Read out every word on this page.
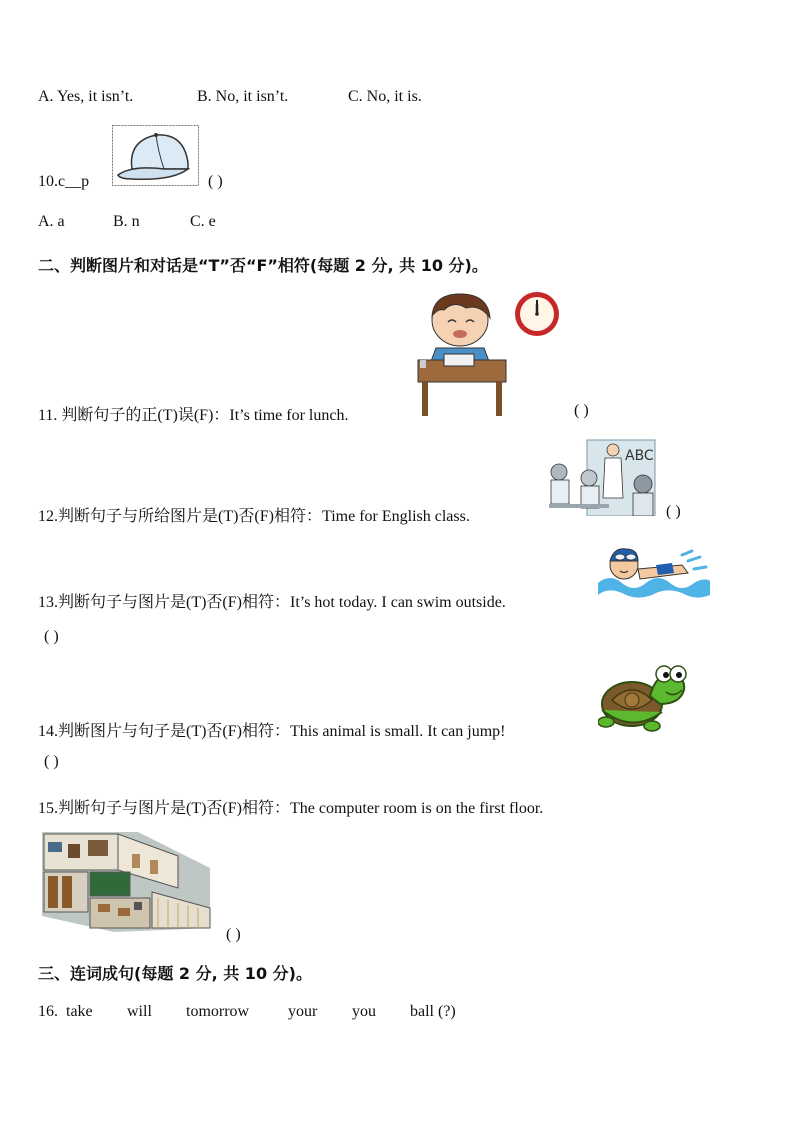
A. Yes, it isn’t.	B. No, it isn’t.	C. No, it is.
10.c__p	( )
A. a	B. n	C. e
二、判断图片和对话是“T”否“F”相符(每题 2 分, 共 10 分)。
11. 判断句子的正(T)误(F)：It’s time for lunch.	( )
ABC
12.判断句子与所给图片是(T)否(F)相符：Time for English class.	( )
13.判断句子与图片是(T)否(F)相符：It’s hot today. I can swim outside.
( )
14.判断图片与句子是(T)否(F)相符：This animal is small. It can jump!
( )
15.判断句子与图片是(T)否(F)相符：The computer room is on the first floor.
( )
三、连词成句(每题 2 分, 共 10 分)。
16. take will tomorrow your you ball (?)
